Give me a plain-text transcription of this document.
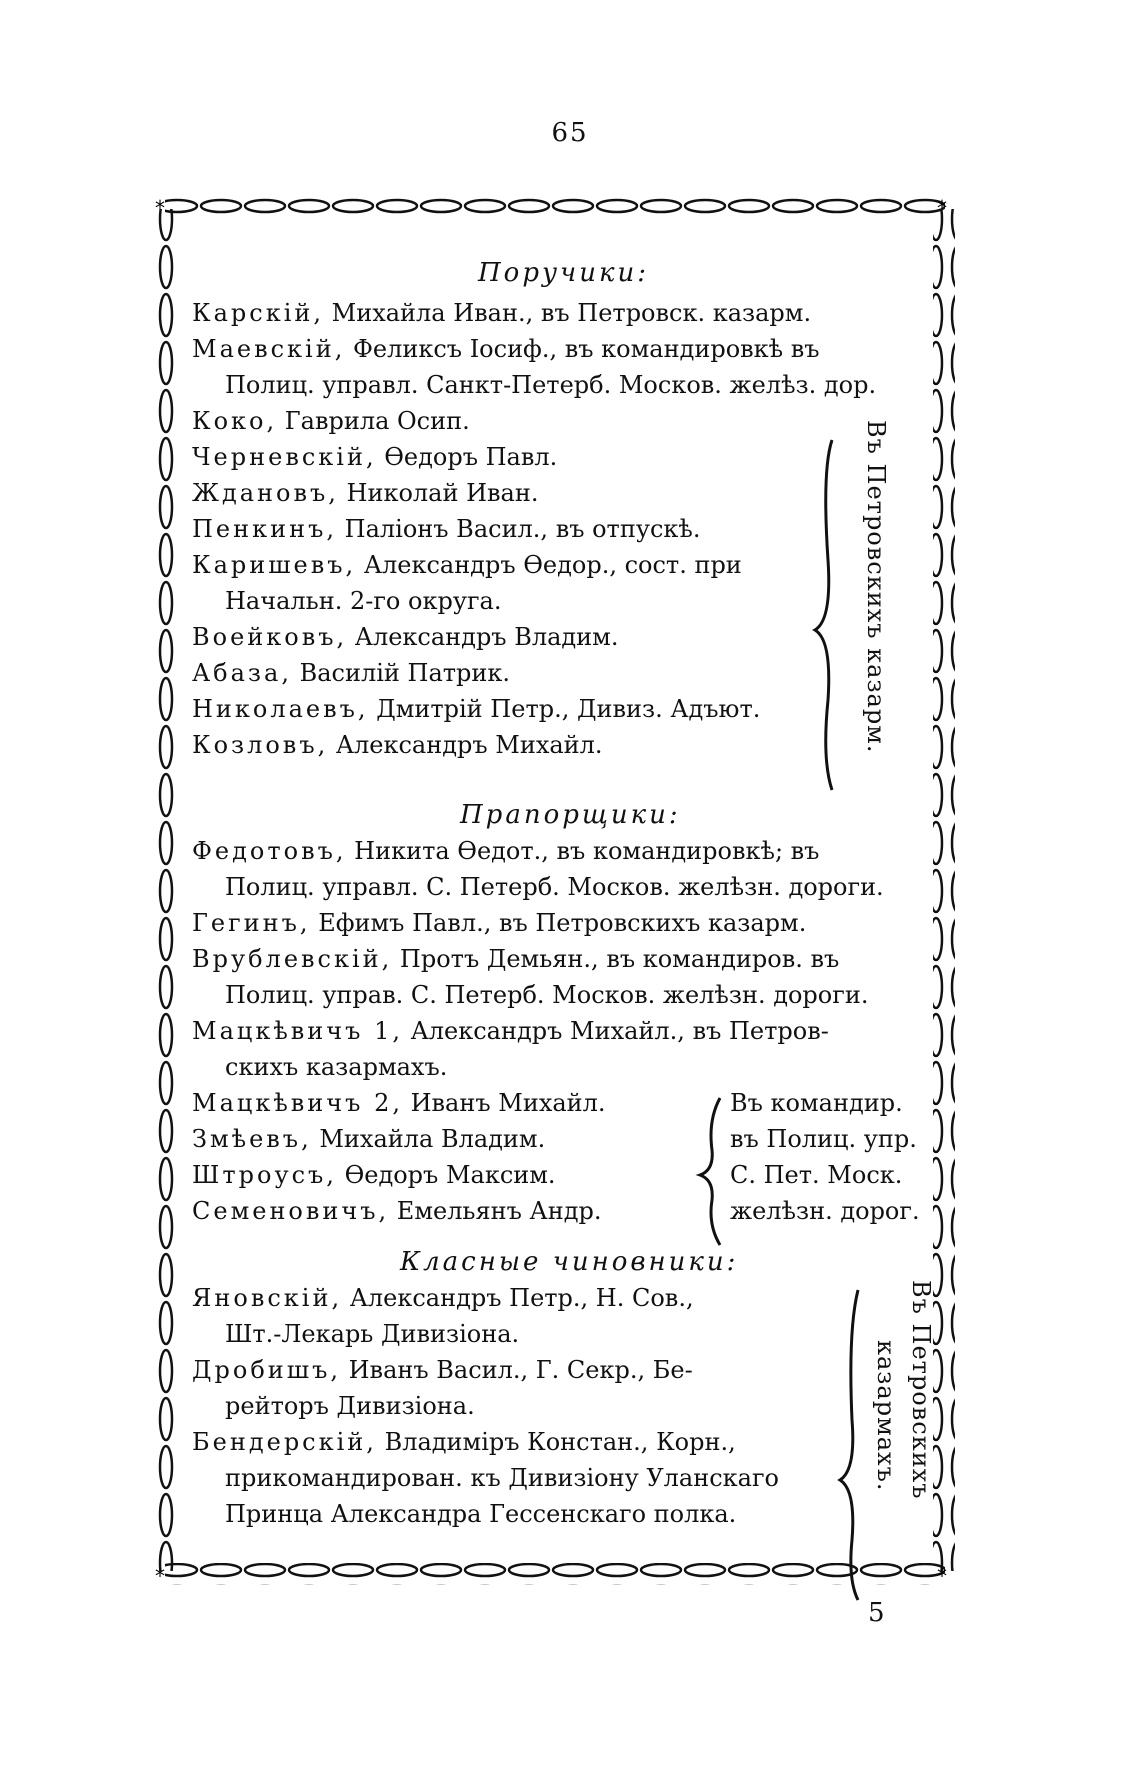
65
*	*
*	*
Поручики:
Карскій, Михайла Иван., въ Петровск. казарм.
Маевскій, Феликсъ Іосиф., въ командировкѣ въ
Полиц. управл. Санкт-Петерб. Москов. желѣз. дор.
Коко, Гаврила Осип.
Черневскій, Ѳедоръ Павл.
Ждановъ, Николай Иван.
Пенкинъ, Паліонъ Васил., въ отпускѣ.
Каришевъ, Александръ Ѳедор., сост. при
Начальн. 2-го округа.
Воейковъ, Александръ Владим.
Абаза, Василій Патрик.
Николаевъ, Дмитрій Петр., Дивиз. Адъют.
Козловъ, Александръ Михайл.	Въ Петровскихъ казарм.
Прапорщики:
Федотовъ, Никита Ѳедот., въ командировкѣ; въ
Полиц. управл. С. Петерб. Москов. желѣзн. дороги.
Гегинъ, Ефимъ Павл., въ Петровскихъ казарм.
Врублевскій, Протъ Демьян., въ командиров. въ
Полиц. управ. С. Петерб. Москов. желѣзн. дороги.
Мацкѣвичъ 1, Александръ Михайл., въ Петров-
скихъ казармахъ.
Мацкѣвичъ 2, Иванъ Михайл.
Змѣевъ, Михайла Владим.
Штроусъ, Ѳедоръ Максим.
Семеновичъ, Емельянъ Андр.
Въ командир.
въ Полиц. упр.
С. Пет. Моск.
желѣзн. дорог.
Класные чиновники:
Яновскій, Александръ Петр., Н. Сов.,
Шт.-Лекарь Дивизіона.
Дробишъ, Иванъ Васил., Г. Секр., Бе-
рейторъ Дивизіона.
Бендерскій, Владиміръ Констан., Корн.,
прикомандирован. къ Дивизіону Уланскаго
Принца Александра Гессенскаго полка.
Въ Петровскихъ
казармахъ.
5
